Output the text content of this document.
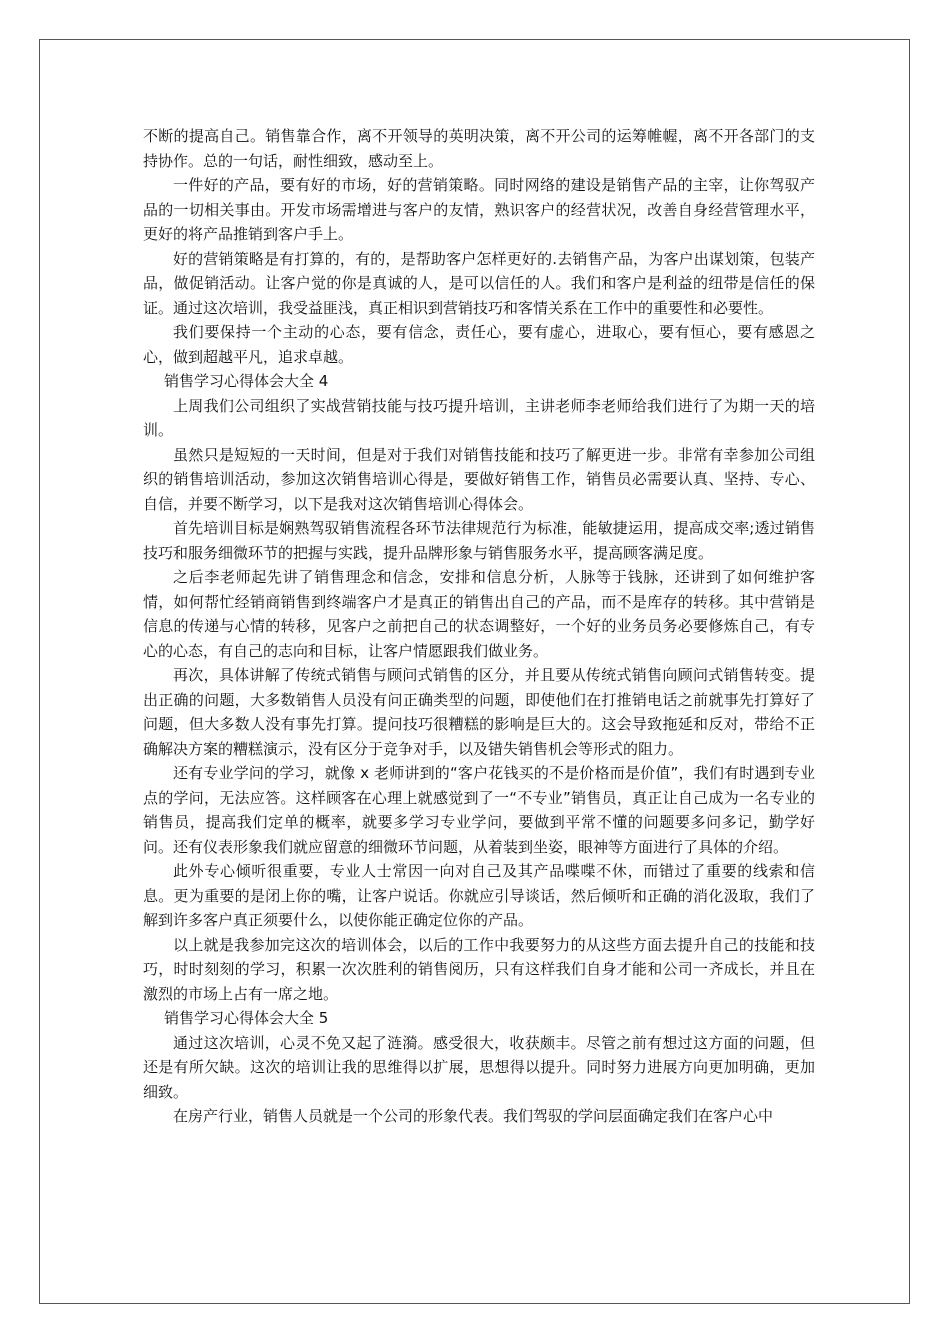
不断的提高自己。销售靠合作，离不开领导的英明决策，离不开公司的运筹帷幄，离不开各部门的支持协作。总的一句话，耐性细致，感动至上。

一件好的产品，要有好的市场，好的营销策略。同时网络的建设是销售产品的主宰，让你驾驭产品的一切相关事由。开发市场需增进与客户的友情，熟识客户的经营状况，改善自身经营管理水平，更好的将产品推销到客户手上。

好的营销策略是有打算的，有的，是帮助客户怎样更好的.去销售产品，为客户出谋划策，包装产品，做促销活动。让客户觉的你是真诚的人，是可以信任的人。我们和客户是利益的纽带是信任的保证。通过这次培训，我受益匪浅，真正相识到营销技巧和客情关系在工作中的重要性和必要性。

我们要保持一个主动的心态，要有信念，责任心，要有虚心，进取心，要有恒心，要有感恩之心，做到超越平凡，追求卓越。

销售学习心得体会大全 4

上周我们公司组织了实战营销技能与技巧提升培训，主讲老师李老师给我们进行了为期一天的培训。

虽然只是短短的一天时间，但是对于我们对销售技能和技巧了解更进一步。非常有幸参加公司组织的销售培训活动，参加这次销售培训心得是，要做好销售工作，销售员必需要认真、坚持、专心、自信，并要不断学习，以下是我对这次销售培训心得体会。

首先培训目标是娴熟驾驭销售流程各环节法律规范行为标准，能敏捷运用，提高成交率;透过销售技巧和服务细微环节的把握与实践，提升品牌形象与销售服务水平，提高顾客满足度。

之后李老师起先讲了销售理念和信念，安排和信息分析，人脉等于钱脉，还讲到了如何维护客情，如何帮忙经销商销售到终端客户才是真正的销售出自己的产品，而不是库存的转移。其中营销是信息的传递与心情的转移，见客户之前把自己的状态调整好，一个好的业务员务必要修炼自己，有专心的心态，有自己的志向和目标，让客户情愿跟我们做业务。

再次，具体讲解了传统式销售与顾问式销售的区分，并且要从传统式销售向顾问式销售转变。提出正确的问题，大多数销售人员没有问正确类型的问题，即使他们在打推销电话之前就事先打算好了问题，但大多数人没有事先打算。提问技巧很糟糕的影响是巨大的。这会导致拖延和反对，带给不正确解决方案的糟糕演示，没有区分于竞争对手，以及错失销售机会等形式的阻力。

还有专业学问的学习，就像 x 老师讲到的“客户花钱买的不是价格而是价值”，我们有时遇到专业点的学问，无法应答。这样顾客在心理上就感觉到了一“不专业”销售员，真正让自己成为一名专业的销售员，提高我们定单的概率，就要多学习专业学问，要做到平常不懂的问题要多问多记，勤学好问。还有仪表形象我们就应留意的细微环节问题，从着装到坐姿，眼神等方面进行了具体的介绍。

此外专心倾听很重要，专业人士常因一向对自己及其产品喋喋不休，而错过了重要的线索和信息。更为重要的是闭上你的嘴，让客户说话。你就应引导谈话，然后倾听和正确的消化汲取，我们了解到许多客户真正须要什么，以使你能正确定位你的产品。

以上就是我参加完这次的培训体会，以后的工作中我要努力的从这些方面去提升自己的技能和技巧，时时刻刻的学习，积累一次次胜利的销售阅历，只有这样我们自身才能和公司一齐成长，并且在激烈的市场上占有一席之地。

销售学习心得体会大全 5

通过这次培训，心灵不免又起了涟漪。感受很大，收获颇丰。尽管之前有想过这方面的问题，但还是有所欠缺。这次的培训让我的思维得以扩展，思想得以提升。同时努力进展方向更加明确，更加细致。

在房产行业，销售人员就是一个公司的形象代表。我们驾驭的学问层面确定我们在客户心中
